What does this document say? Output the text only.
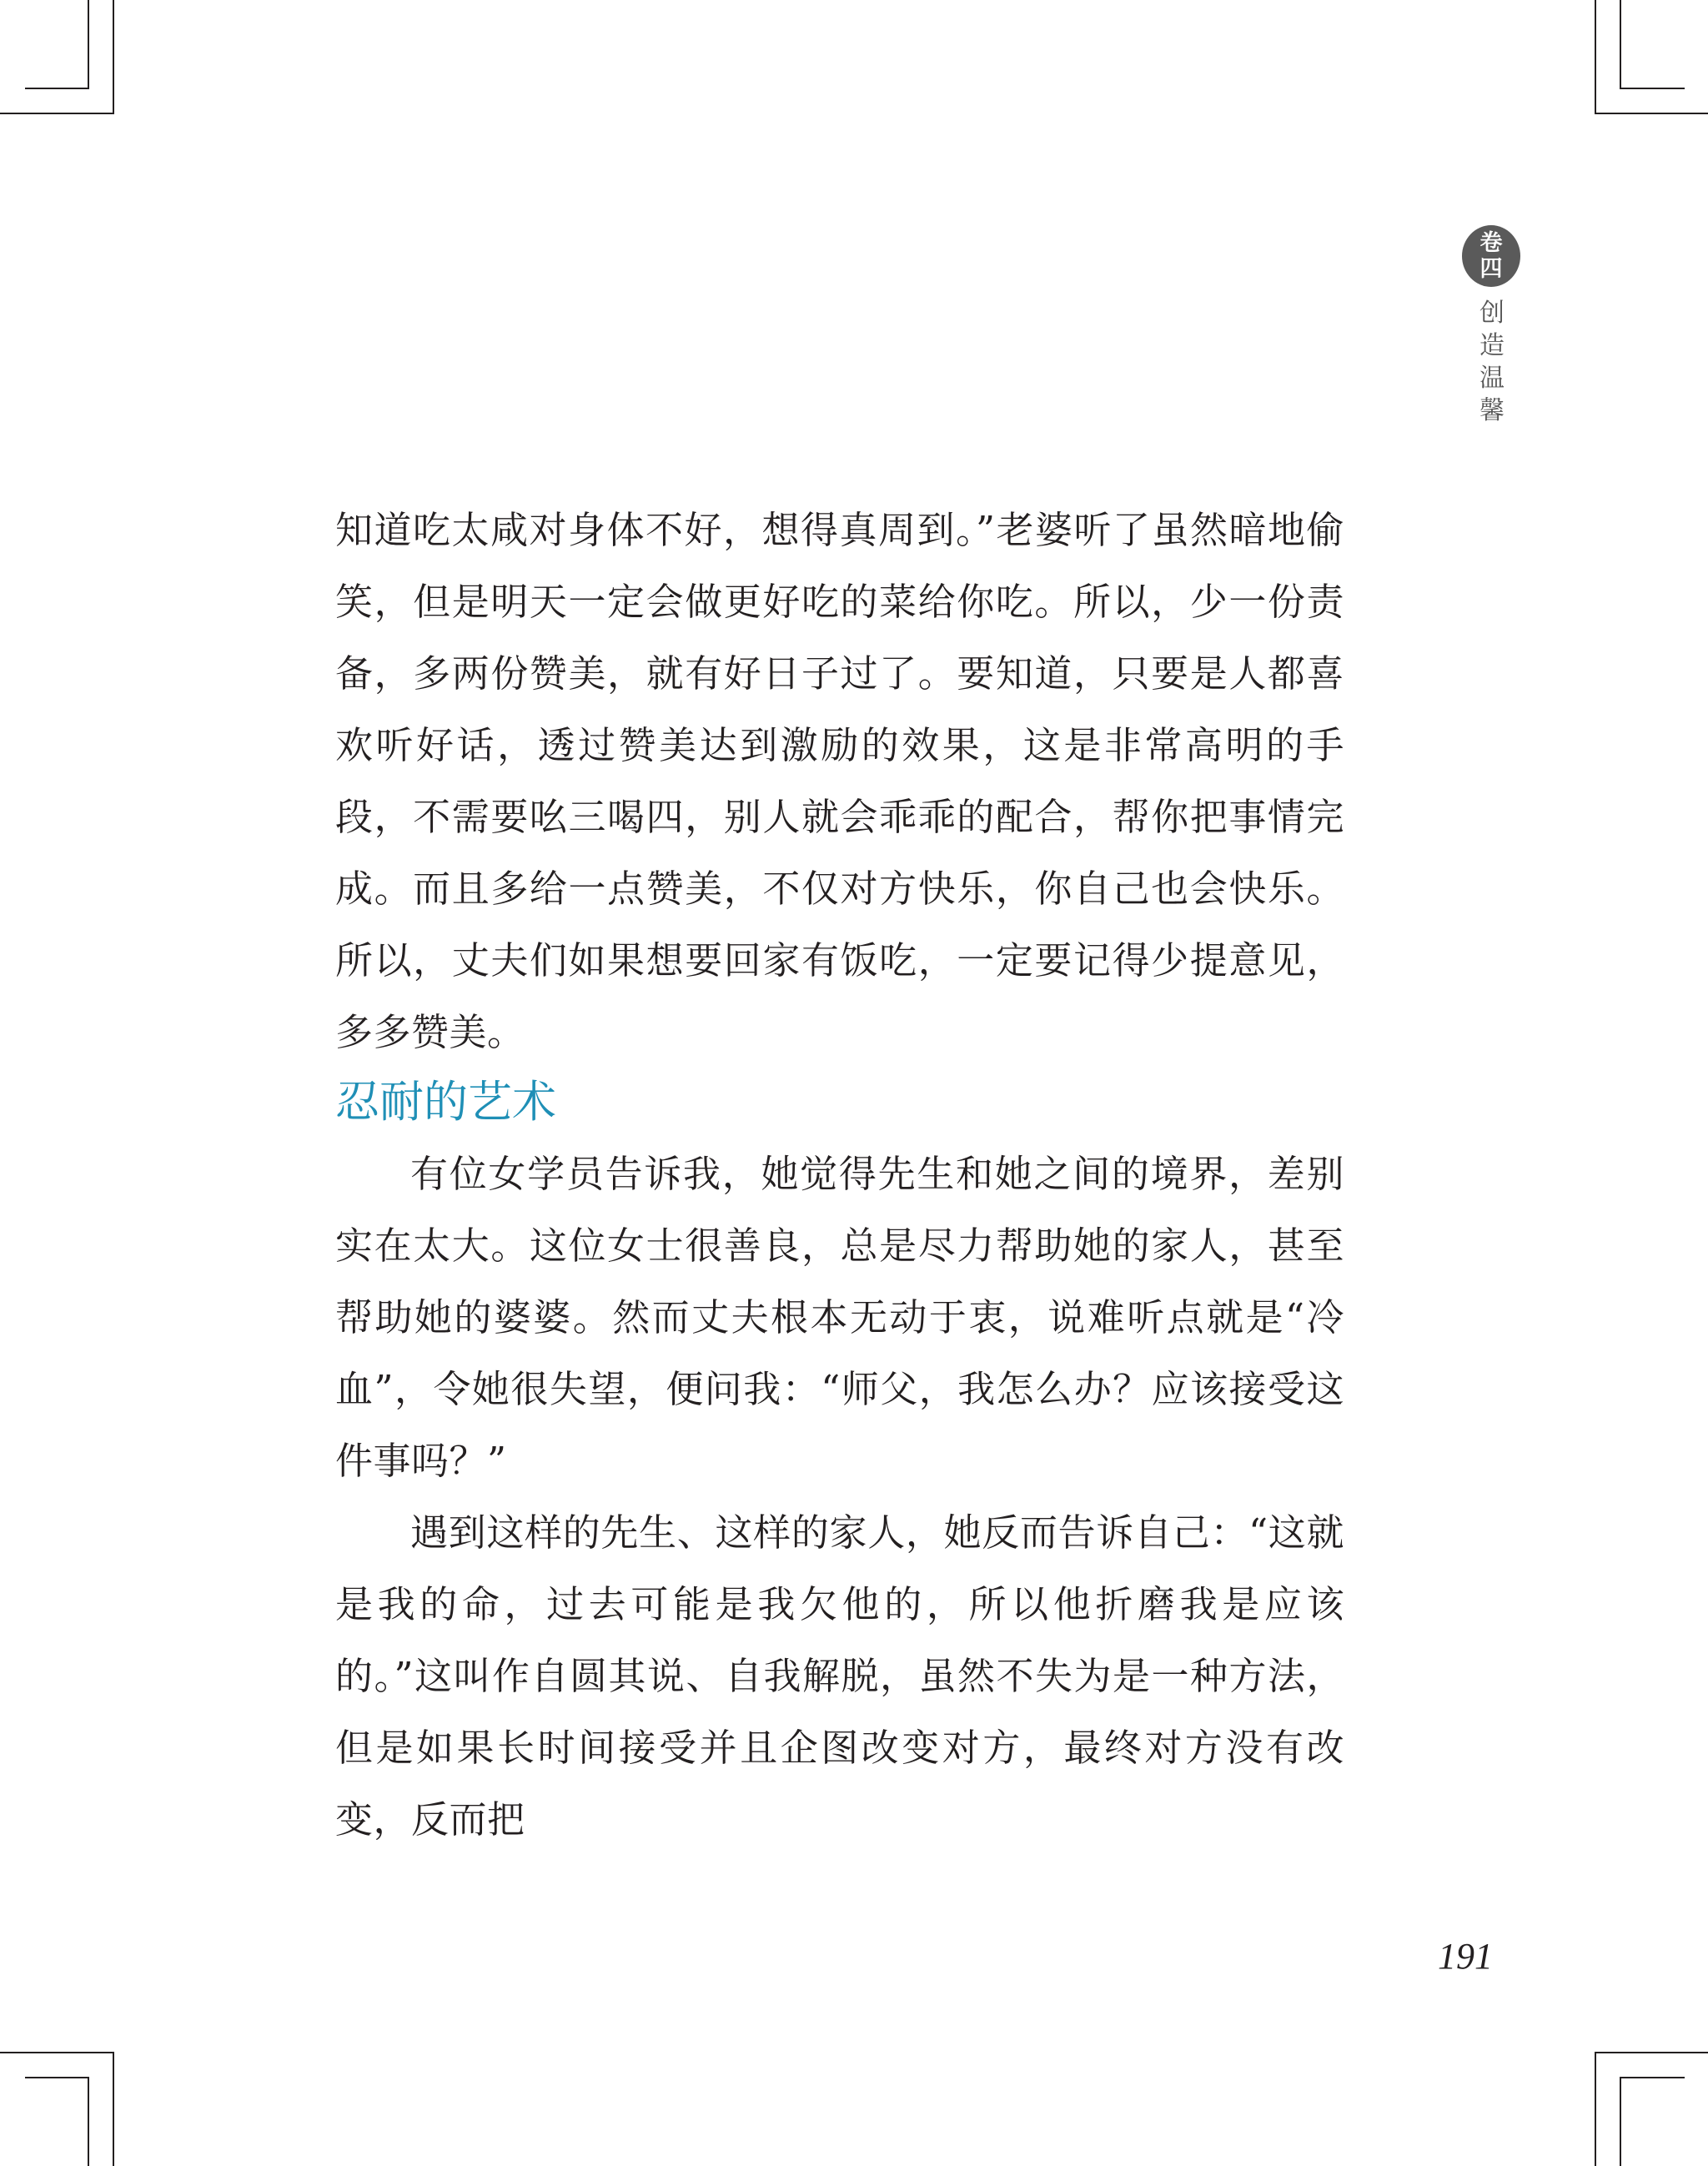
卷
四
创
造
温
馨

知道吃太咸对身体不好，想得真周到。”老婆听了虽然暗地偷笑，但是明天一定会做更好吃的菜给你吃。所以，少一份责备，多两份赞美，就有好日子过了。要知道，只要是人都喜欢听好话，透过赞美达到激励的效果，这是非常高明的手段，不需要吆三喝四，别人就会乖乖的配合，帮你把事情完成。而且多给一点赞美，不仅对方快乐，你自己也会快乐。所以，丈夫们如果想要回家有饭吃，一定要记得少提意见，多多赞美。

忍耐的艺术

有位女学员告诉我，她觉得先生和她之间的境界，差别实在太大。这位女士很善良，总是尽力帮助她的家人，甚至帮助她的婆婆。然而丈夫根本无动于衷，说难听点就是“冷血”，令她很失望，便问我：“师父，我怎么办？应该接受这件事吗？”

遇到这样的先生、这样的家人，她反而告诉自己：“这就是我的命，过去可能是我欠他的，所以他折磨我是应该的。”这叫作自圆其说、自我解脱，虽然不失为是一种方法，但是如果长时间接受并且企图改变对方，最终对方没有改变，反而把

191
